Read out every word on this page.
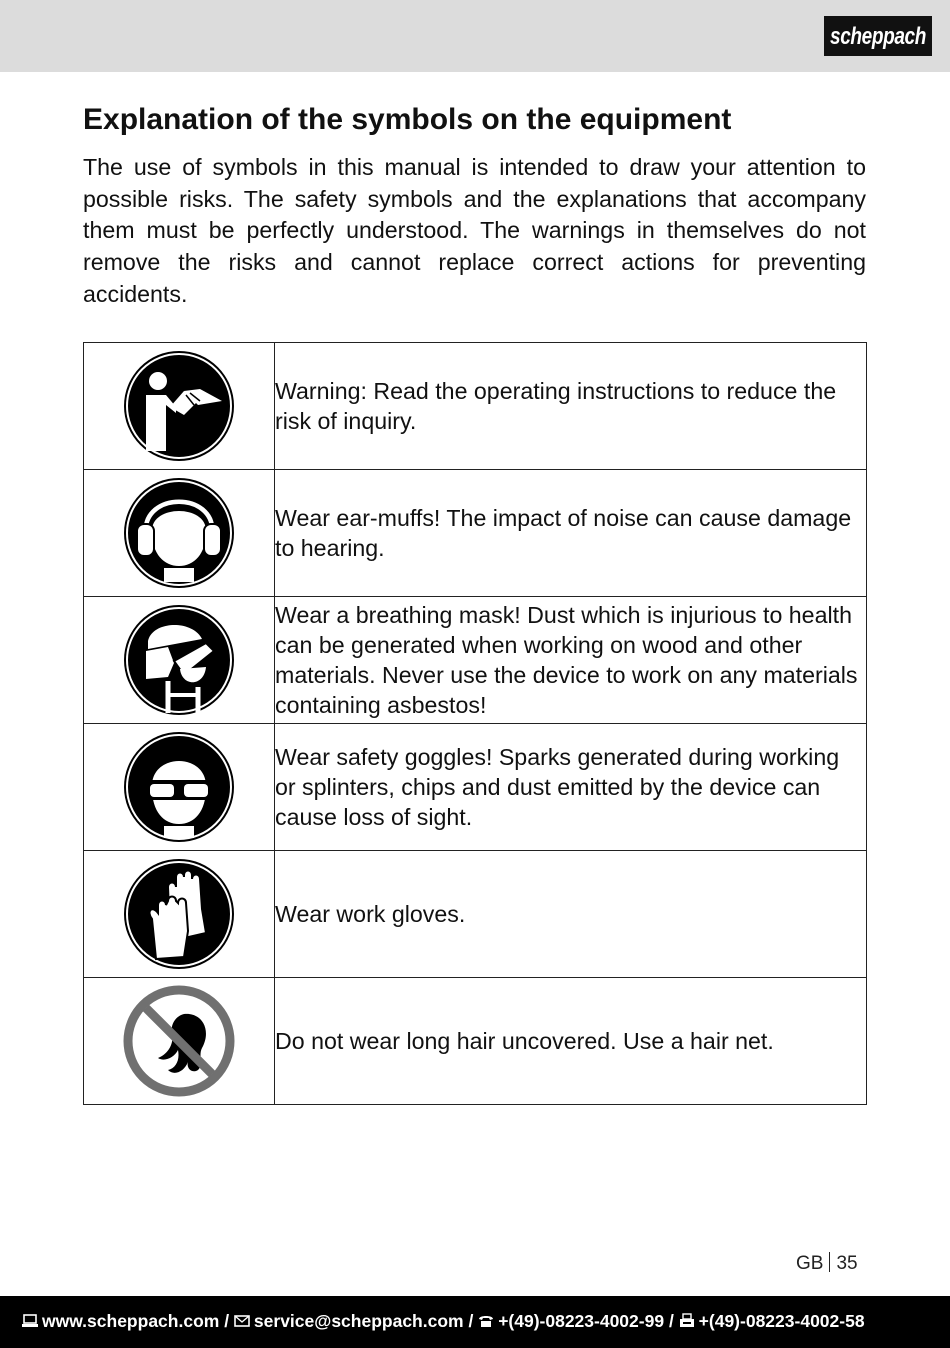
scheppach
Explanation of the symbols on the equipment

The use of symbols in this manual is intended to draw your attention to possible risks. The safety symbols and the explanations that accompany them must be perfectly understood. The warnings in themselves do not remove the risks and cannot replace correct actions for preventing accidents.

	Warning: Read the operating instructions to reduce the risk of inquiry.

	Wear ear-muffs! The impact of noise can cause damage to hearing.

	Wear a breathing mask! Dust which is injurious to health can be generated when working on wood and other materials. Never use the device to work on any materials containing asbestos!

	Wear safety goggles! Sparks generated during working or splinters, chips and dust emitted by the device can cause loss of sight.

	Wear work gloves.

	Do not wear long hair uncovered. Use a hair net.
GB 35
www.scheppach.com / service@scheppach.com / +(49)-08223-4002-99 / +(49)-08223-4002-58
